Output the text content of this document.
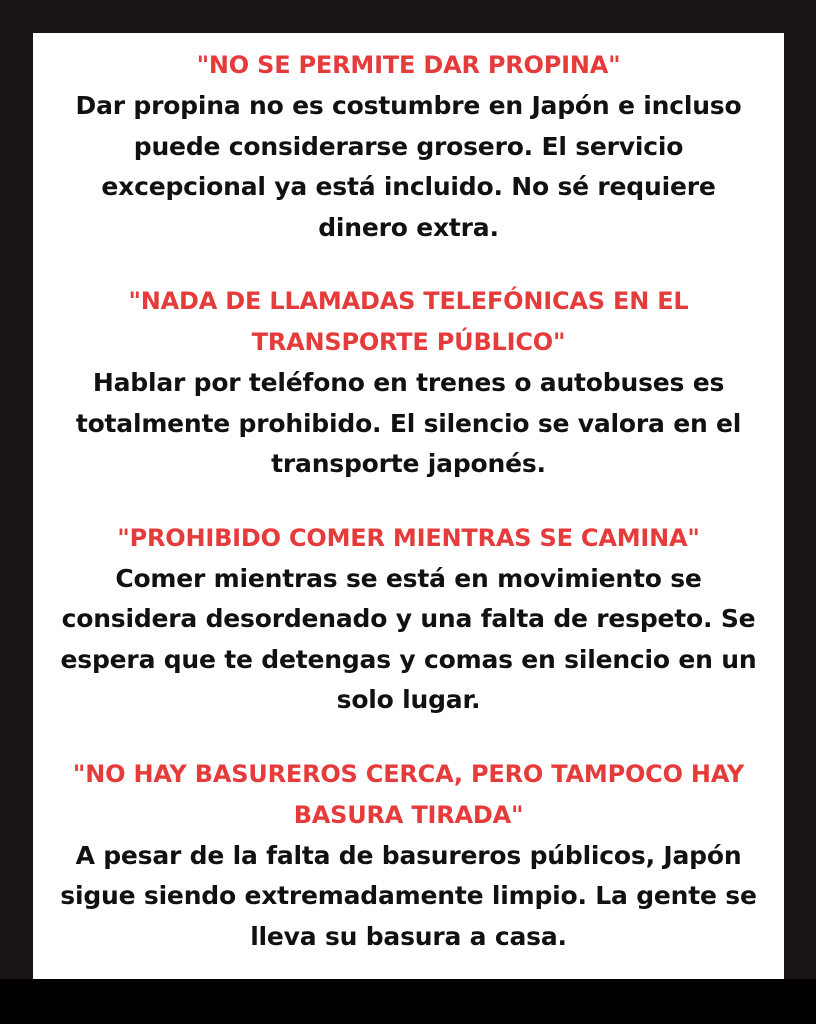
"NO SE PERMITE DAR PROPINA"
Dar propina no es costumbre en Japón e incluso
puede considerarse grosero. El servicio
excepcional ya está incluido. No sé requiere
dinero extra.
"NADA DE LLAMADAS TELEFÓNICAS EN EL
TRANSPORTE PÚBLICO"
Hablar por teléfono en trenes o autobuses es
totalmente prohibido. El silencio se valora en el
transporte japonés.
"PROHIBIDO COMER MIENTRAS SE CAMINA"
Comer mientras se está en movimiento se
considera desordenado y una falta de respeto. Se
espera que te detengas y comas en silencio en un
solo lugar.
"NO HAY BASUREROS CERCA, PERO TAMPOCO HAY
BASURA TIRADA"
A pesar de la falta de basureros públicos, Japón
sigue siendo extremadamente limpio. La gente se
lleva su basura a casa.
